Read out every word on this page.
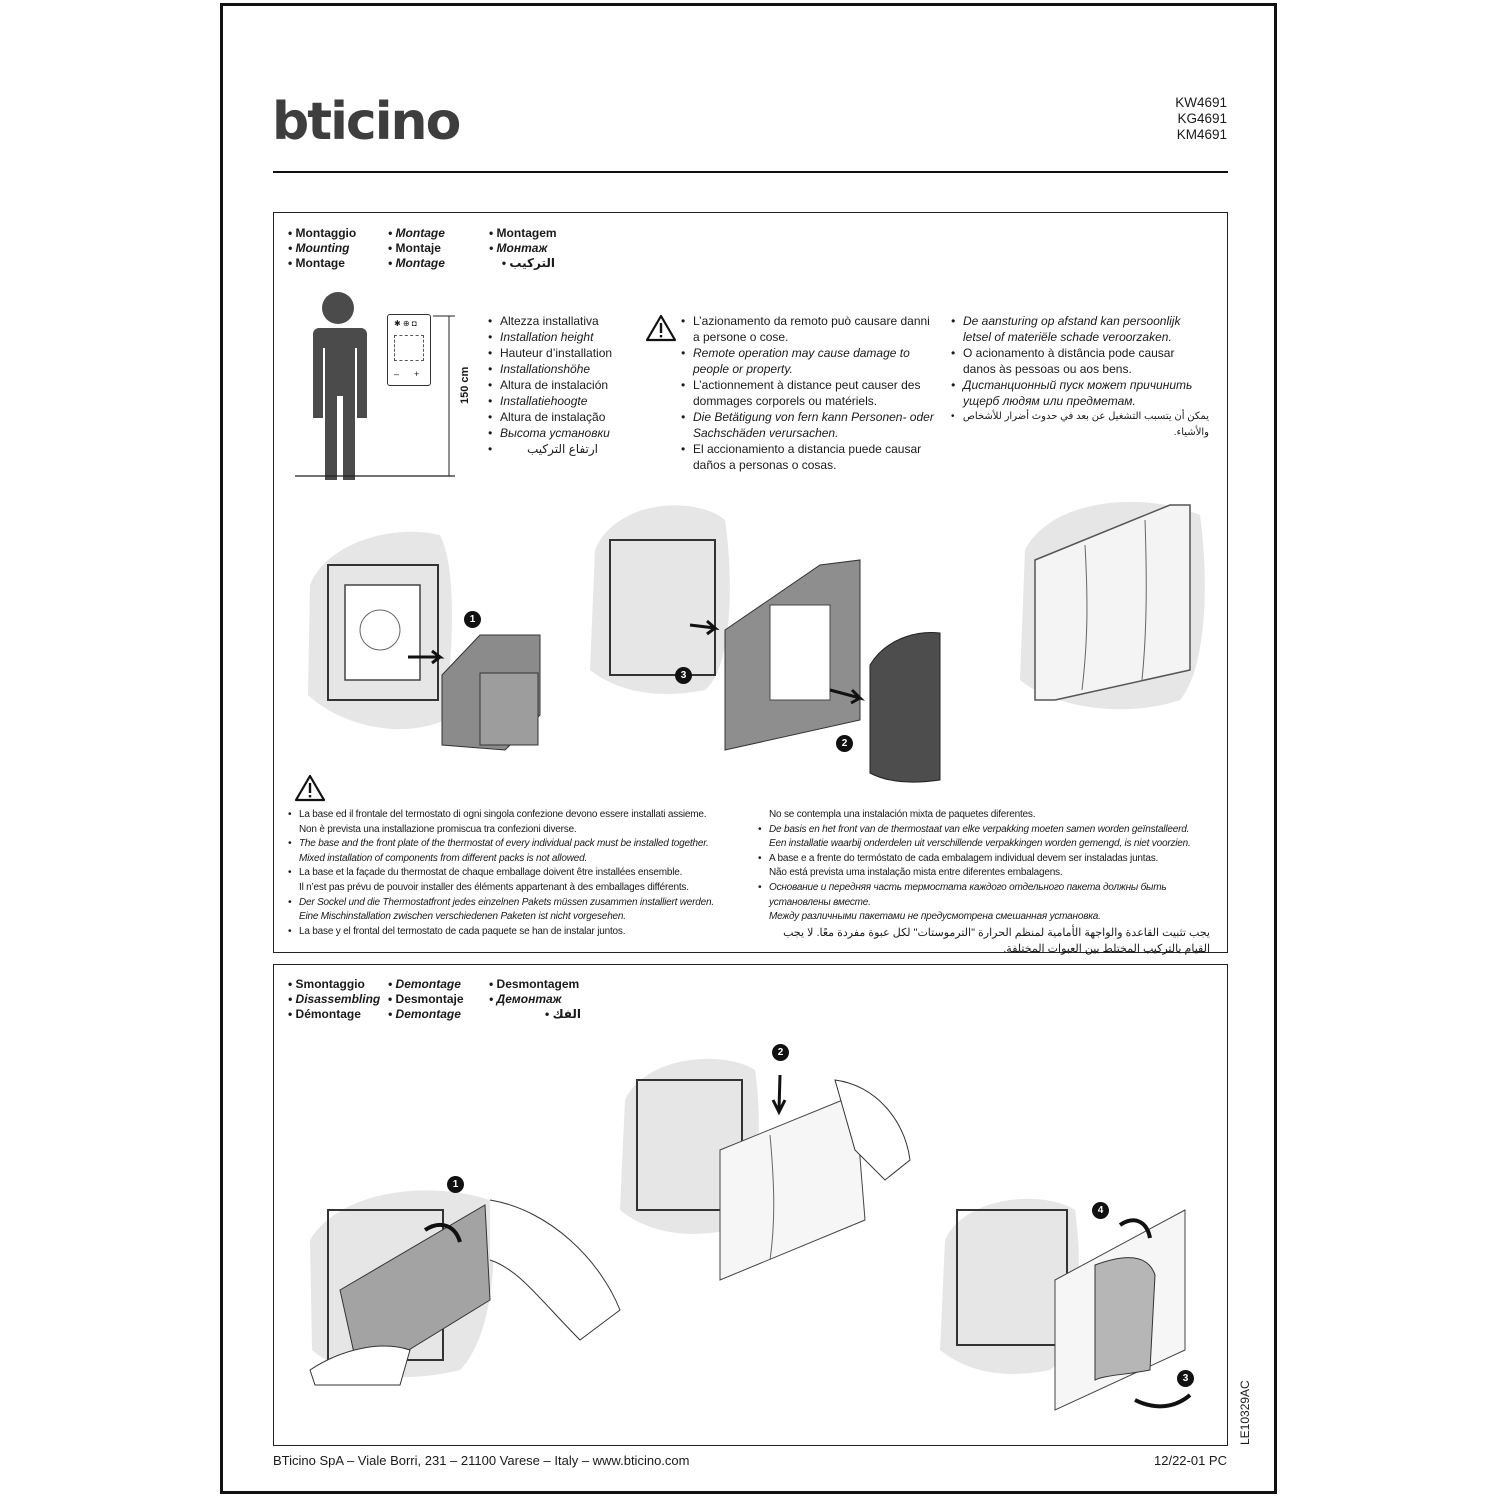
bticino	KW4691
KG4691
KM4691
• Montaggio
• Mounting
• Montage
• Montage
• Montaje
• Montage
• Montagem
• Монтаж
التركيب •
✱ ⊕ ◘
– +	150 cm
• Altezza installativa
• Installation height
• Hauteur d’installation
• Installationshöhe
• Altura de instalación
• Installatiehoogte
• Altura de instalação
• Высота установки
• ارتفاع التركيب
• L’azionamento da remoto può causare danni a persone o cose.
• Remote operation may cause damage to people or property.
• L’actionnement à distance peut causer des dommages corporels ou matériels.
• Die Betätigung von fern kann Personen- oder Sachschäden verursachen.
• El accionamiento a distancia puede causar daños a personas o cosas.
• De aansturing op afstand kan persoonlijk letsel of materiële schade veroorzaken.
• O acionamento à distância pode causar danos às pessoas ou aos bens.
• Дистанционный пуск может причинить ущерб людям или предметам.
• يمكن أن يتسبب التشغيل عن بعد في حدوث أضرار للأشخاص والأشياء.
1
3
2
• La base ed il frontale del termostato di ogni singola confezione devono essere installati assieme.
Non è prevista una installazione promiscua tra confezioni diverse.
• The base and the front plate of the thermostat of every individual pack must be installed together.
Mixed installation of components from different packs is not allowed.
• La base et la façade du thermostat de chaque emballage doivent être installées ensemble.
Il n’est pas prévu de pouvoir installer des éléments appartenant à des emballages différents.
• Der Sockel und die Thermostatfront jedes einzelnen Pakets müssen zusammen installiert werden.
Eine Mischinstallation zwischen verschiedenen Paketen ist nicht vorgesehen.
• La base y el frontal del termostato de cada paquete se han de instalar juntos.
No se contempla una instalación mixta de paquetes diferentes.
• De basis en het front van de thermostaat van elke verpakking moeten samen worden geïnstalleerd.
Een installatie waarbij onderdelen uit verschillende verpakkingen worden gemengd, is niet voorzien.
• A base e a frente do termóstato de cada embalagem individual devem ser instaladas juntas.
Não está prevista uma instalação mista entre diferentes embalagens.
• Основание и передняя часть термостата каждого отдельного пакета должны быть установлены вместе.
Между различными пакетами не предусмотрена смешанная установка.
يجب تثبيت القاعدة والواجهة الأمامية لمنظم الحرارة "الترموستات" لكل عبوة مفردة معًا. لا يجب القيام بالتركيب المختلط بين العبوات المختلفة.
• Smontaggio
• Disassembling
• Démontage
• Demontage
• Desmontaje
• Demontage
• Desmontagem
• Демонтаж
الفك •
1
2
4
3
BTicino SpA – Viale Borri, 231 – 21100 Varese – Italy – www.bticino.com	12/22-01 PC
LE10329AC
